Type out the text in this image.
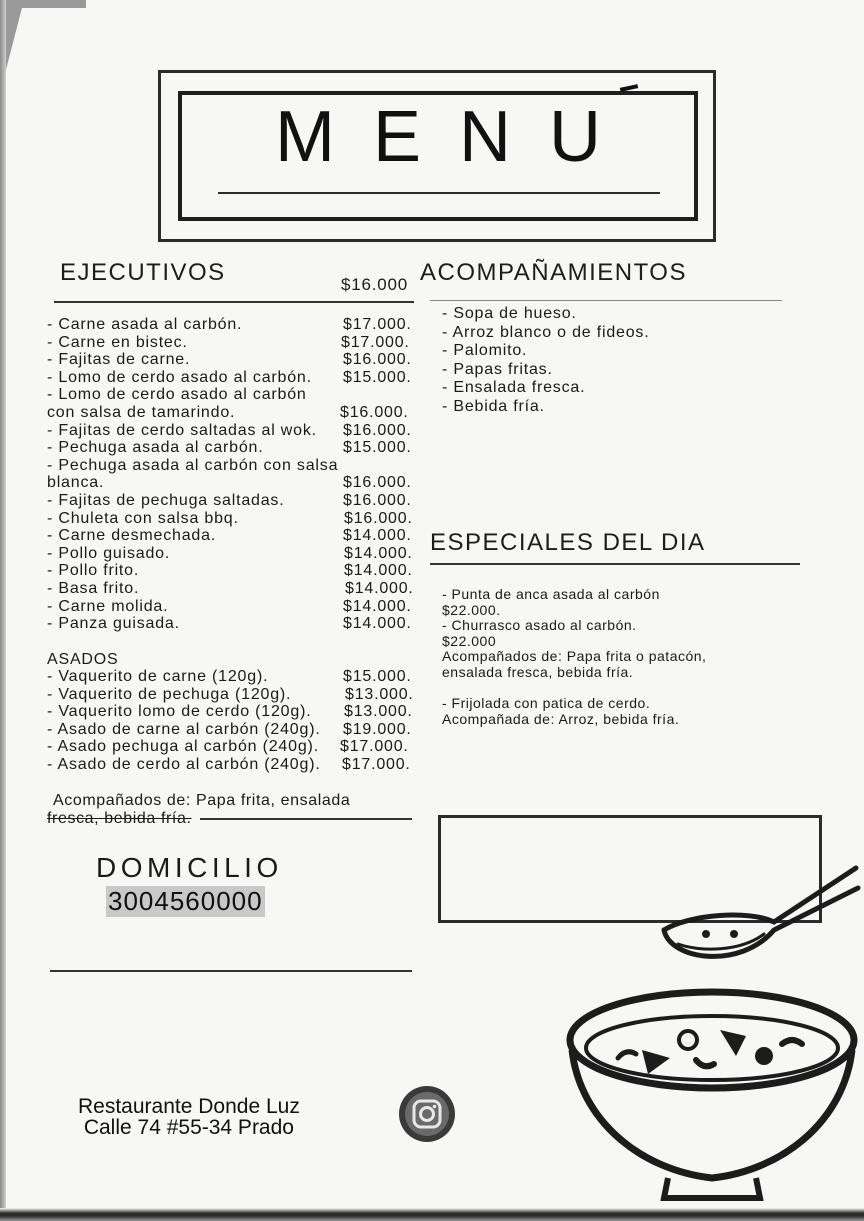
MENU
EJECUTIVOS	$16.000
- Carne asada al carbón.	$17.000.
- Carne en bistec.	$17.000.
- Fajitas de carne.	$16.000.
- Lomo de cerdo asado al carbón. $15.000.
- Lomo de cerdo asado al carbón
con salsa de tamarindo.	$16.000.
- Fajitas de cerdo saltadas al wok. $16.000.
- Pechuga asada al carbón.	$15.000.
- Pechuga asada al carbón con salsa
blanca.	$16.000.
- Fajitas de pechuga saltadas.	$16.000.
- Chuleta con salsa bbq.	$16.000.
- Carne desmechada.	$14.000.
- Pollo guisado.	$14.000.
- Pollo frito.	$14.000.
- Basa frito.	$14.000.
- Carne molida.	$14.000.
- Panza guisada.	$14.000.
ASADOS
- Vaquerito de carne (120g).	$15.000.
- Vaquerito de pechuga (120g).	$13.000.
- Vaquerito lomo de cerdo (120g). $13.000.
- Asado de carne al carbón (240g). $19.000.
- Asado pechuga al carbón (240g). $17.000.
- Asado de cerdo al carbón (240g). $17.000.
Acompañados de: Papa frita, ensalada
fresca, bebida fría.
DOMICILIO
3004560000
ACOMPAÑAMIENTOS
- Sopa de hueso.
- Arroz blanco o de fideos.
- Palomito.
- Papas fritas.
- Ensalada fresca.
- Bebida fría.
ESPECIALES DEL DIA
- Punta de anca asada al carbón
$22.000.
- Churrasco asado al carbón.
$22.000
Acompañados de: Papa frita o patacón,
ensalada fresca, bebida fría.
- Frijolada con patica de cerdo.
Acompañada de: Arroz, bebida fría.
Restaurante Donde Luz
Calle 74 #55-34 Prado
